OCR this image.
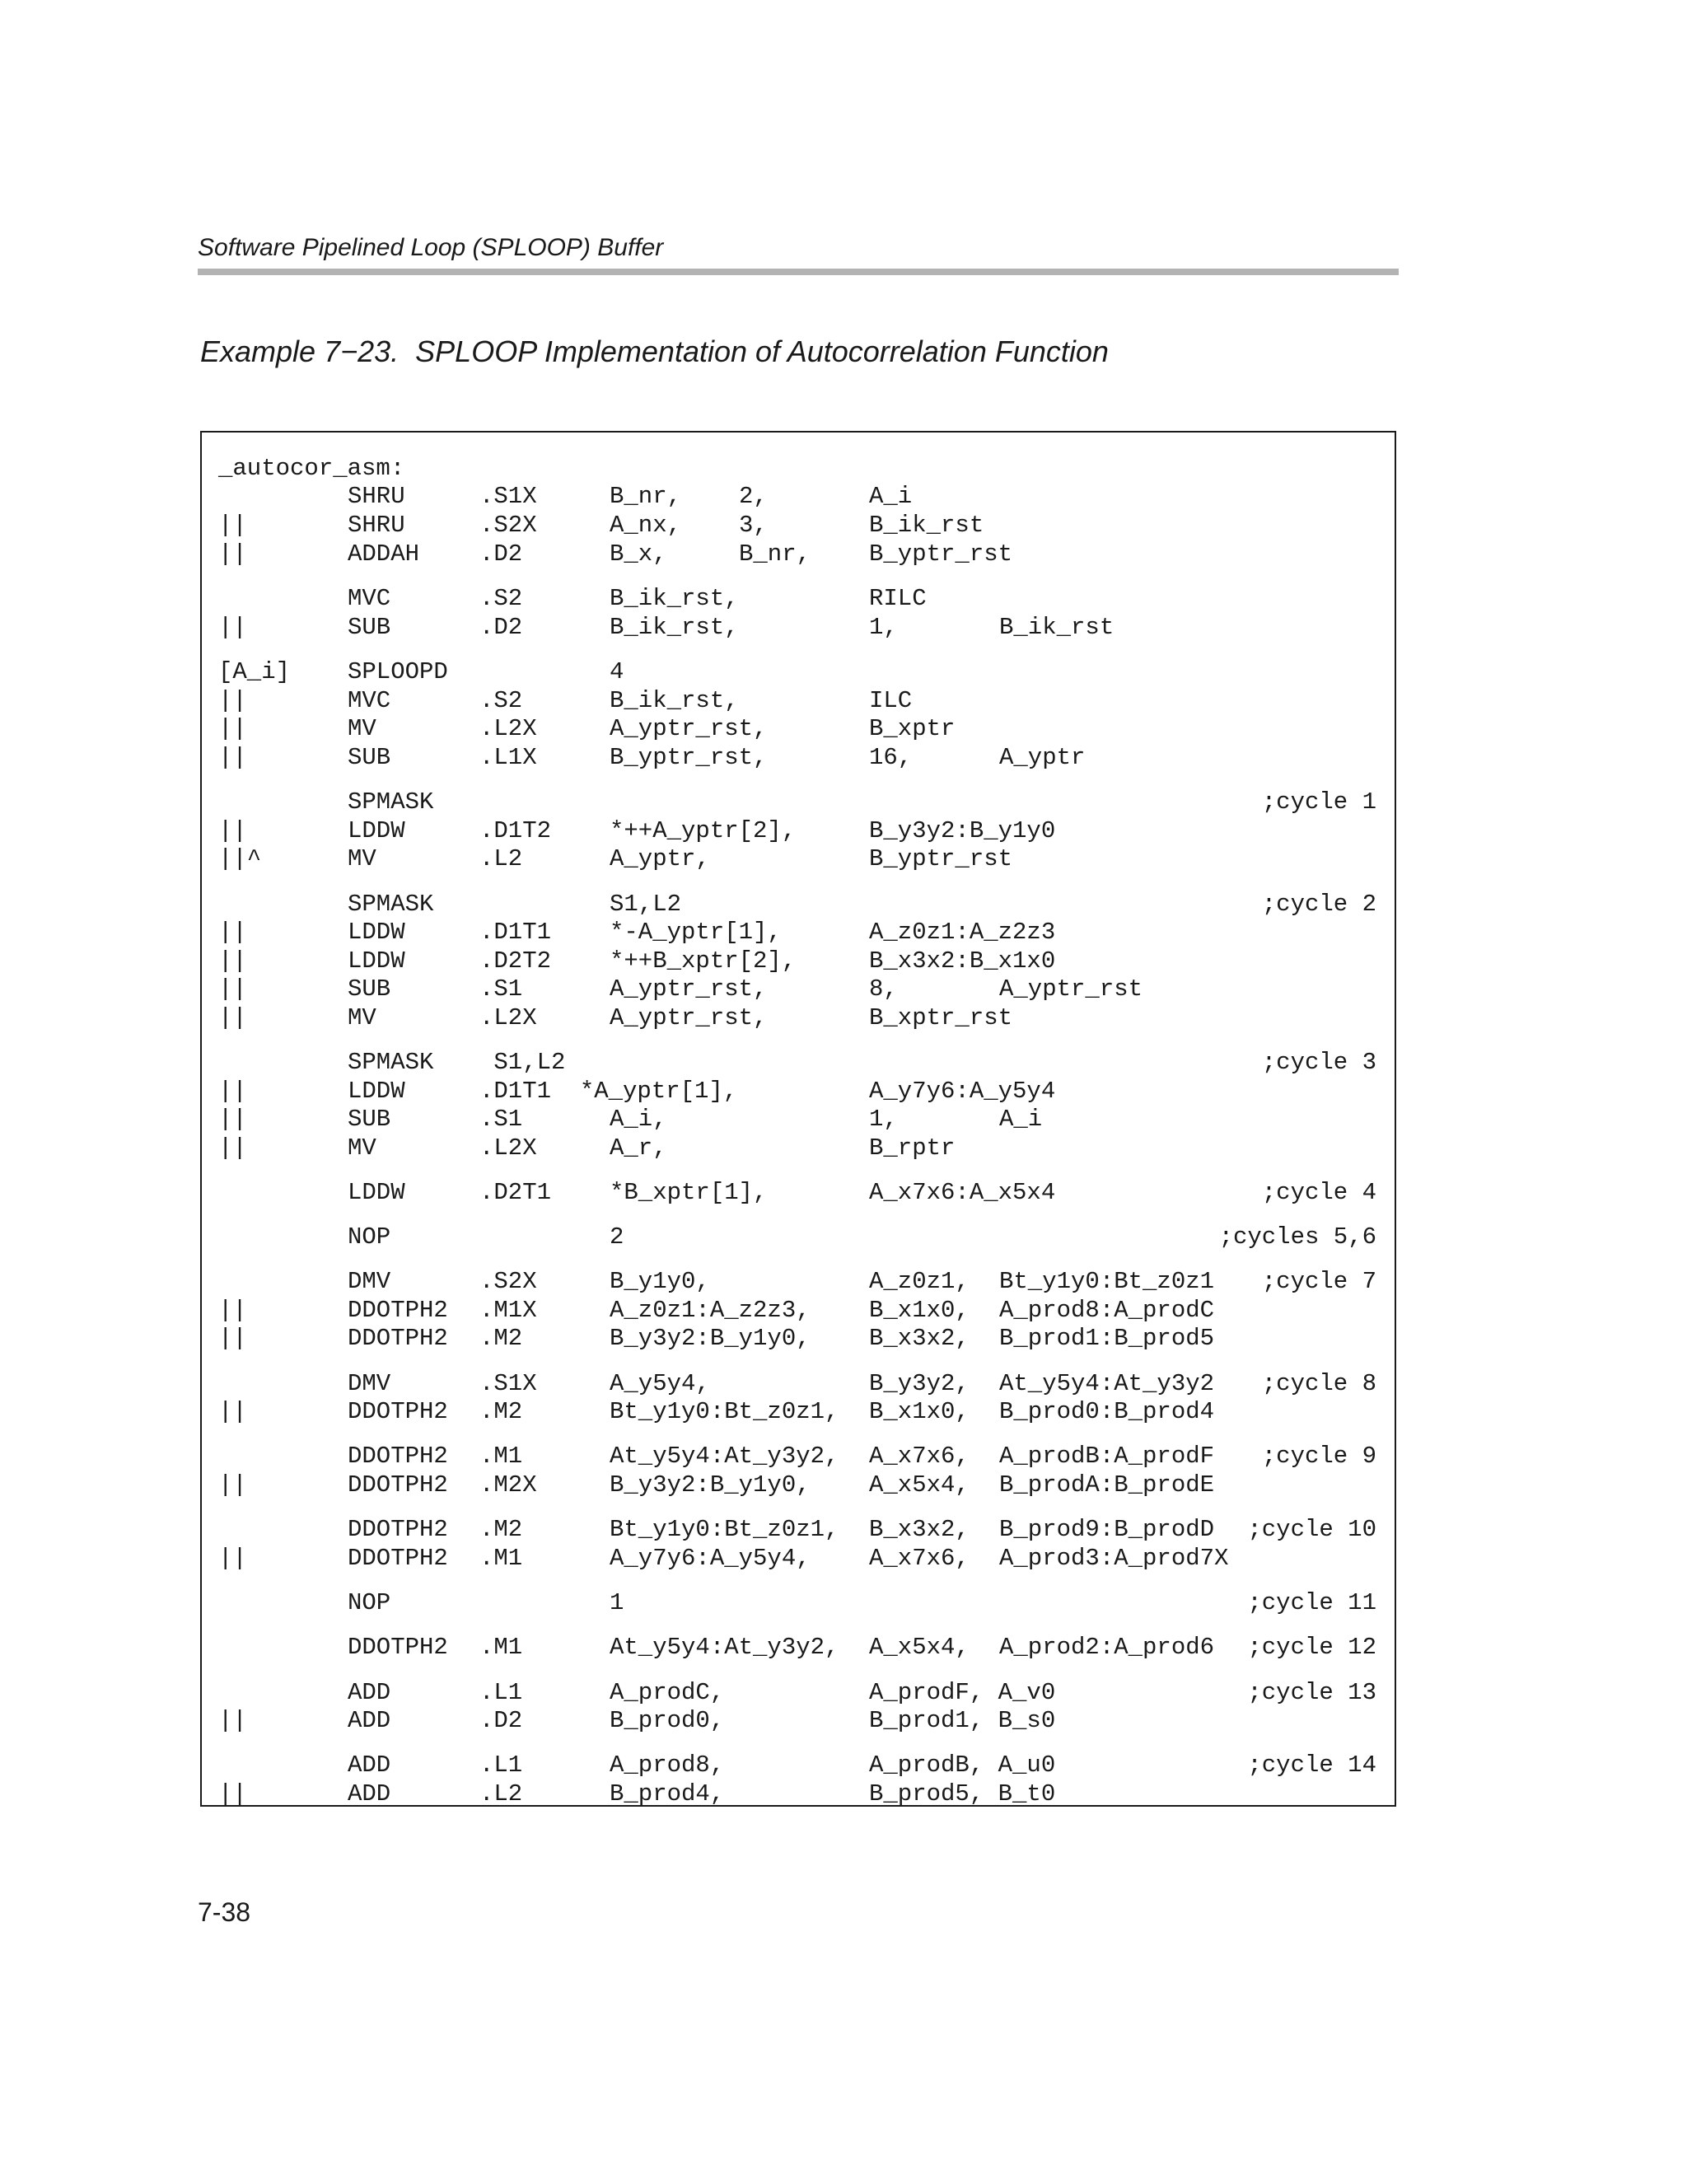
Software Pipelined Loop (SPLOOP) Buffer
Example 7−23.  SPLOOP Implementation of Autocorrelation Function
_autocor_asm:
SHRU	.S1X	B_nr, 2,	A_i
||	SHRU	.S2X	A_nx, 3,	B_ik_rst
||	ADDAH	.D2	B_x,	B_nr, B_yptr_rst
MVC	.S2	B_ik_rst,	RILC
||	SUB	.D2	B_ik_rst,	1,	B_ik_rst
[A_i] SPLOOPD	4
||	MVC	.S2	B_ik_rst,	ILC
||	MV	.L2X	A_yptr_rst,	B_xptr
||	SUB	.L1X	B_yptr_rst,	16,	A_yptr
SPMASK	;cycle 1
||	LDDW	.D1T2 *++A_yptr[2],	B_y3y2:B_y1y0
||^	MV	.L2	A_yptr,	B_yptr_rst
SPMASK	S1,L2	;cycle 2
||	LDDW	.D1T1 *-A_yptr[1],	A_z0z1:A_z2z3
||	LDDW	.D2T2 *++B_xptr[2],	B_x3x2:B_x1x0
||	SUB	.S1	A_yptr_rst,	8,	A_yptr_rst
||	MV	.L2X	A_yptr_rst,	B_xptr_rst
SPMASK S1,L2	;cycle 3
||	LDDW	.D1T1  *A_yptr[1],	A_y7y6:A_y5y4
||	SUB	.S1	A_i,	1,	A_i
||	MV	.L2X	A_r,	B_rptr
LDDW	.D2T1 *B_xptr[1],	A_x7x6:A_x5x4	;cycle 4
NOP	2	;cycles 5,6
DMV	.S2X	B_y1y0,	A_z0z1, Bt_y1y0:Bt_z0z1 ;cycle 7
||	DDOTPH2 .M1X	A_z0z1:A_z2z3, B_x1x0, A_prod8:A_prodC
||	DDOTPH2 .M2	B_y3y2:B_y1y0, B_x3x2, B_prod1:B_prod5
DMV	.S1X	A_y5y4,	B_y3y2, At_y5y4:At_y3y2 ;cycle 8
||	DDOTPH2 .M2	Bt_y1y0:Bt_z0z1, B_x1x0, B_prod0:B_prod4
DDOTPH2 .M1	At_y5y4:At_y3y2, A_x7x6, A_prodB:A_prodF ;cycle 9
||	DDOTPH2 .M2X	B_y3y2:B_y1y0, A_x5x4, B_prodA:B_prodE
DDOTPH2 .M2	Bt_y1y0:Bt_z0z1, B_x3x2, B_prod9:B_prodD ;cycle 10
||	DDOTPH2 .M1	A_y7y6:A_y5y4, A_x7x6, A_prod3:A_prod7X
NOP	1	;cycle 11
DDOTPH2 .M1	At_y5y4:At_y3y2, A_x5x4, A_prod2:A_prod6 ;cycle 12
ADD	.L1	A_prodC,	A_prodF, A_v0	;cycle 13
||	ADD	.D2	B_prod0,	B_prod1, B_s0
ADD	.L1	A_prod8,	A_prodB, A_u0	;cycle 14
||	ADD	.L2	B_prod4,	B_prod5, B_t0
7-38
